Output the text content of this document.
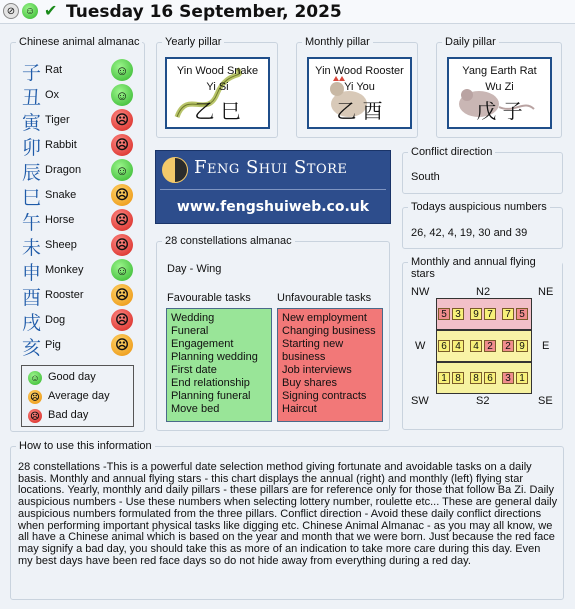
⊘ ☺ ✔ Tuesday 16 September, 2025
Chinese animal almanac
子 Rat	☺
丑 Ox	☺
寅 Tiger	☹
卯 Rabbit	☹
辰 Dragon	☺
巳 Snake	☹
午 Horse	☹
未 Sheep	☹
申 Monkey	☺
酉 Rooster	☹
戌 Dog	☹
亥 Pig	☹
☺ Good day
☹ Average day
☹ Bad day
Yearly pillar
Yin Wood Snake
Yi Si
乙 巳
Monthly pillar
Yin Wood Rooster
Yi You
乙 酉
Daily pillar
Yang Earth Rat
Wu Zi
戊 子
Feng Shui Store
www.fengshuiweb.co.uk
Conflict direction
South
Todays auspicious numbers
26, 42, 4, 19, 30 and 39
28 constellations almanac
Day - Wing
Favourable tasks Unfavourable tasks
Wedding
Funeral
Engagement
Planning wedding
First date
End relationship
Planning funeral
Move bed
New employment
Changing business
Starting new
business
Job interviews
Buy shares
Signing contracts
Haircut
Monthly and annual flying stars
NW	N2	NE
W	E
SW	S2	SE
5 3	9 7	7 5
6 4	4 2	2 9
1 8	8 6	3 1
How to use this information
28 constellations -This is a powerful date selection method giving fortunate and avoidable tasks on a daily basis. Monthly and annual flying stars - this chart displays the annual (right) and monthly (left) flying star locations. Yearly, monthly and daily pillars - these pillars are for reference only for those that follow Ba Zi. Daily auspicious numbers - Use these numbers when selecting lottery number, roulette etc... These are general daily auspicious numbers formulated from the three pillars. Conflict direction - Avoid these daily conflict directions when performing important physical tasks like digging etc. Chinese Animal Almanac - as you may all know, we all have a Chinese animal which is based on the year and month that we were born. Just because the red face may signify a bad day, you should take this as more of an indication to take more care during this day. Even my best days have been red face days so do not hide away from everything during a red day.
